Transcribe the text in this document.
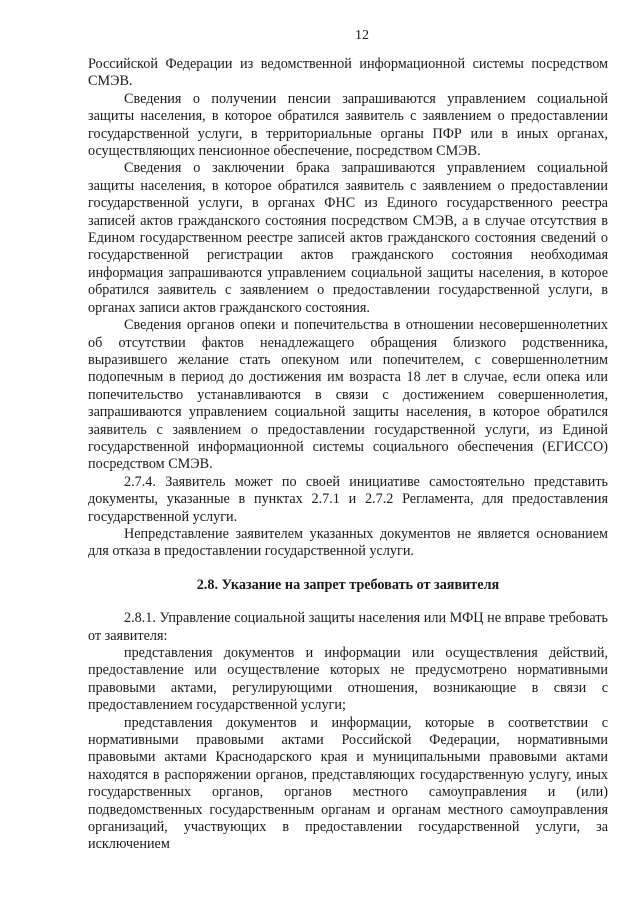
12

Российской Федерации из ведомственной информационной системы посредством СМЭВ.

Сведения о получении пенсии запрашиваются управлением социальной защиты населения, в которое обратился заявитель с заявлением о предоставлении государственной услуги, в территориальные органы ПФР или в иных органах, осуществляющих пенсионное обеспечение, посредством СМЭВ.

Сведения о заключении брака запрашиваются управлением социальной защиты населения, в которое обратился заявитель с заявлением о предоставлении государственной услуги, в органах ФНС из Единого государственного реестра записей актов гражданского состояния посредством СМЭВ, а в случае отсутствия в Едином государственном реестре записей актов гражданского состояния сведений о государственной регистрации актов гражданского состояния необходимая информация запрашиваются управлением социальной защиты населения, в которое обратился заявитель с заявлением о предоставлении государственной услуги, в органах записи актов гражданского состояния.

Сведения органов опеки и попечительства в отношении несовершеннолетних об отсутствии фактов ненадлежащего обращения близкого родственника, выразившего желание стать опекуном или попечителем, с совершеннолетним подопечным в период до достижения им возраста 18 лет в случае, если опека или попечительство устанавливаются в связи с достижением совершеннолетия, запрашиваются управлением социальной защиты населения, в которое обратился заявитель с заявлением о предоставлении государственной услуги, из Единой государственной информационной системы социального обеспечения (ЕГИССО) посредством СМЭВ.

2.7.4. Заявитель может по своей инициативе самостоятельно представить документы, указанные в пунктах 2.7.1 и 2.7.2 Регламента, для предоставления государственной услуги.

Непредставление заявителем указанных документов не является основанием для отказа в предоставлении государственной услуги.

2.8. Указание на запрет требовать от заявителя

2.8.1. Управление социальной защиты населения или МФЦ не вправе требовать от заявителя:

представления документов и информации или осуществления действий, предоставление или осуществление которых не предусмотрено нормативными правовыми актами, регулирующими отношения, возникающие в связи с предоставлением государственной услуги;

представления документов и информации, которые в соответствии с нормативными правовыми актами Российской Федерации, нормативными правовыми актами Краснодарского края и муниципальными правовыми актами находятся в распоряжении органов, представляющих государственную услугу, иных государственных органов, органов местного самоуправления и (или) подведомственных государственным органам и органам местного самоуправления организаций, участвующих в предоставлении государственной услуги, за исключением
